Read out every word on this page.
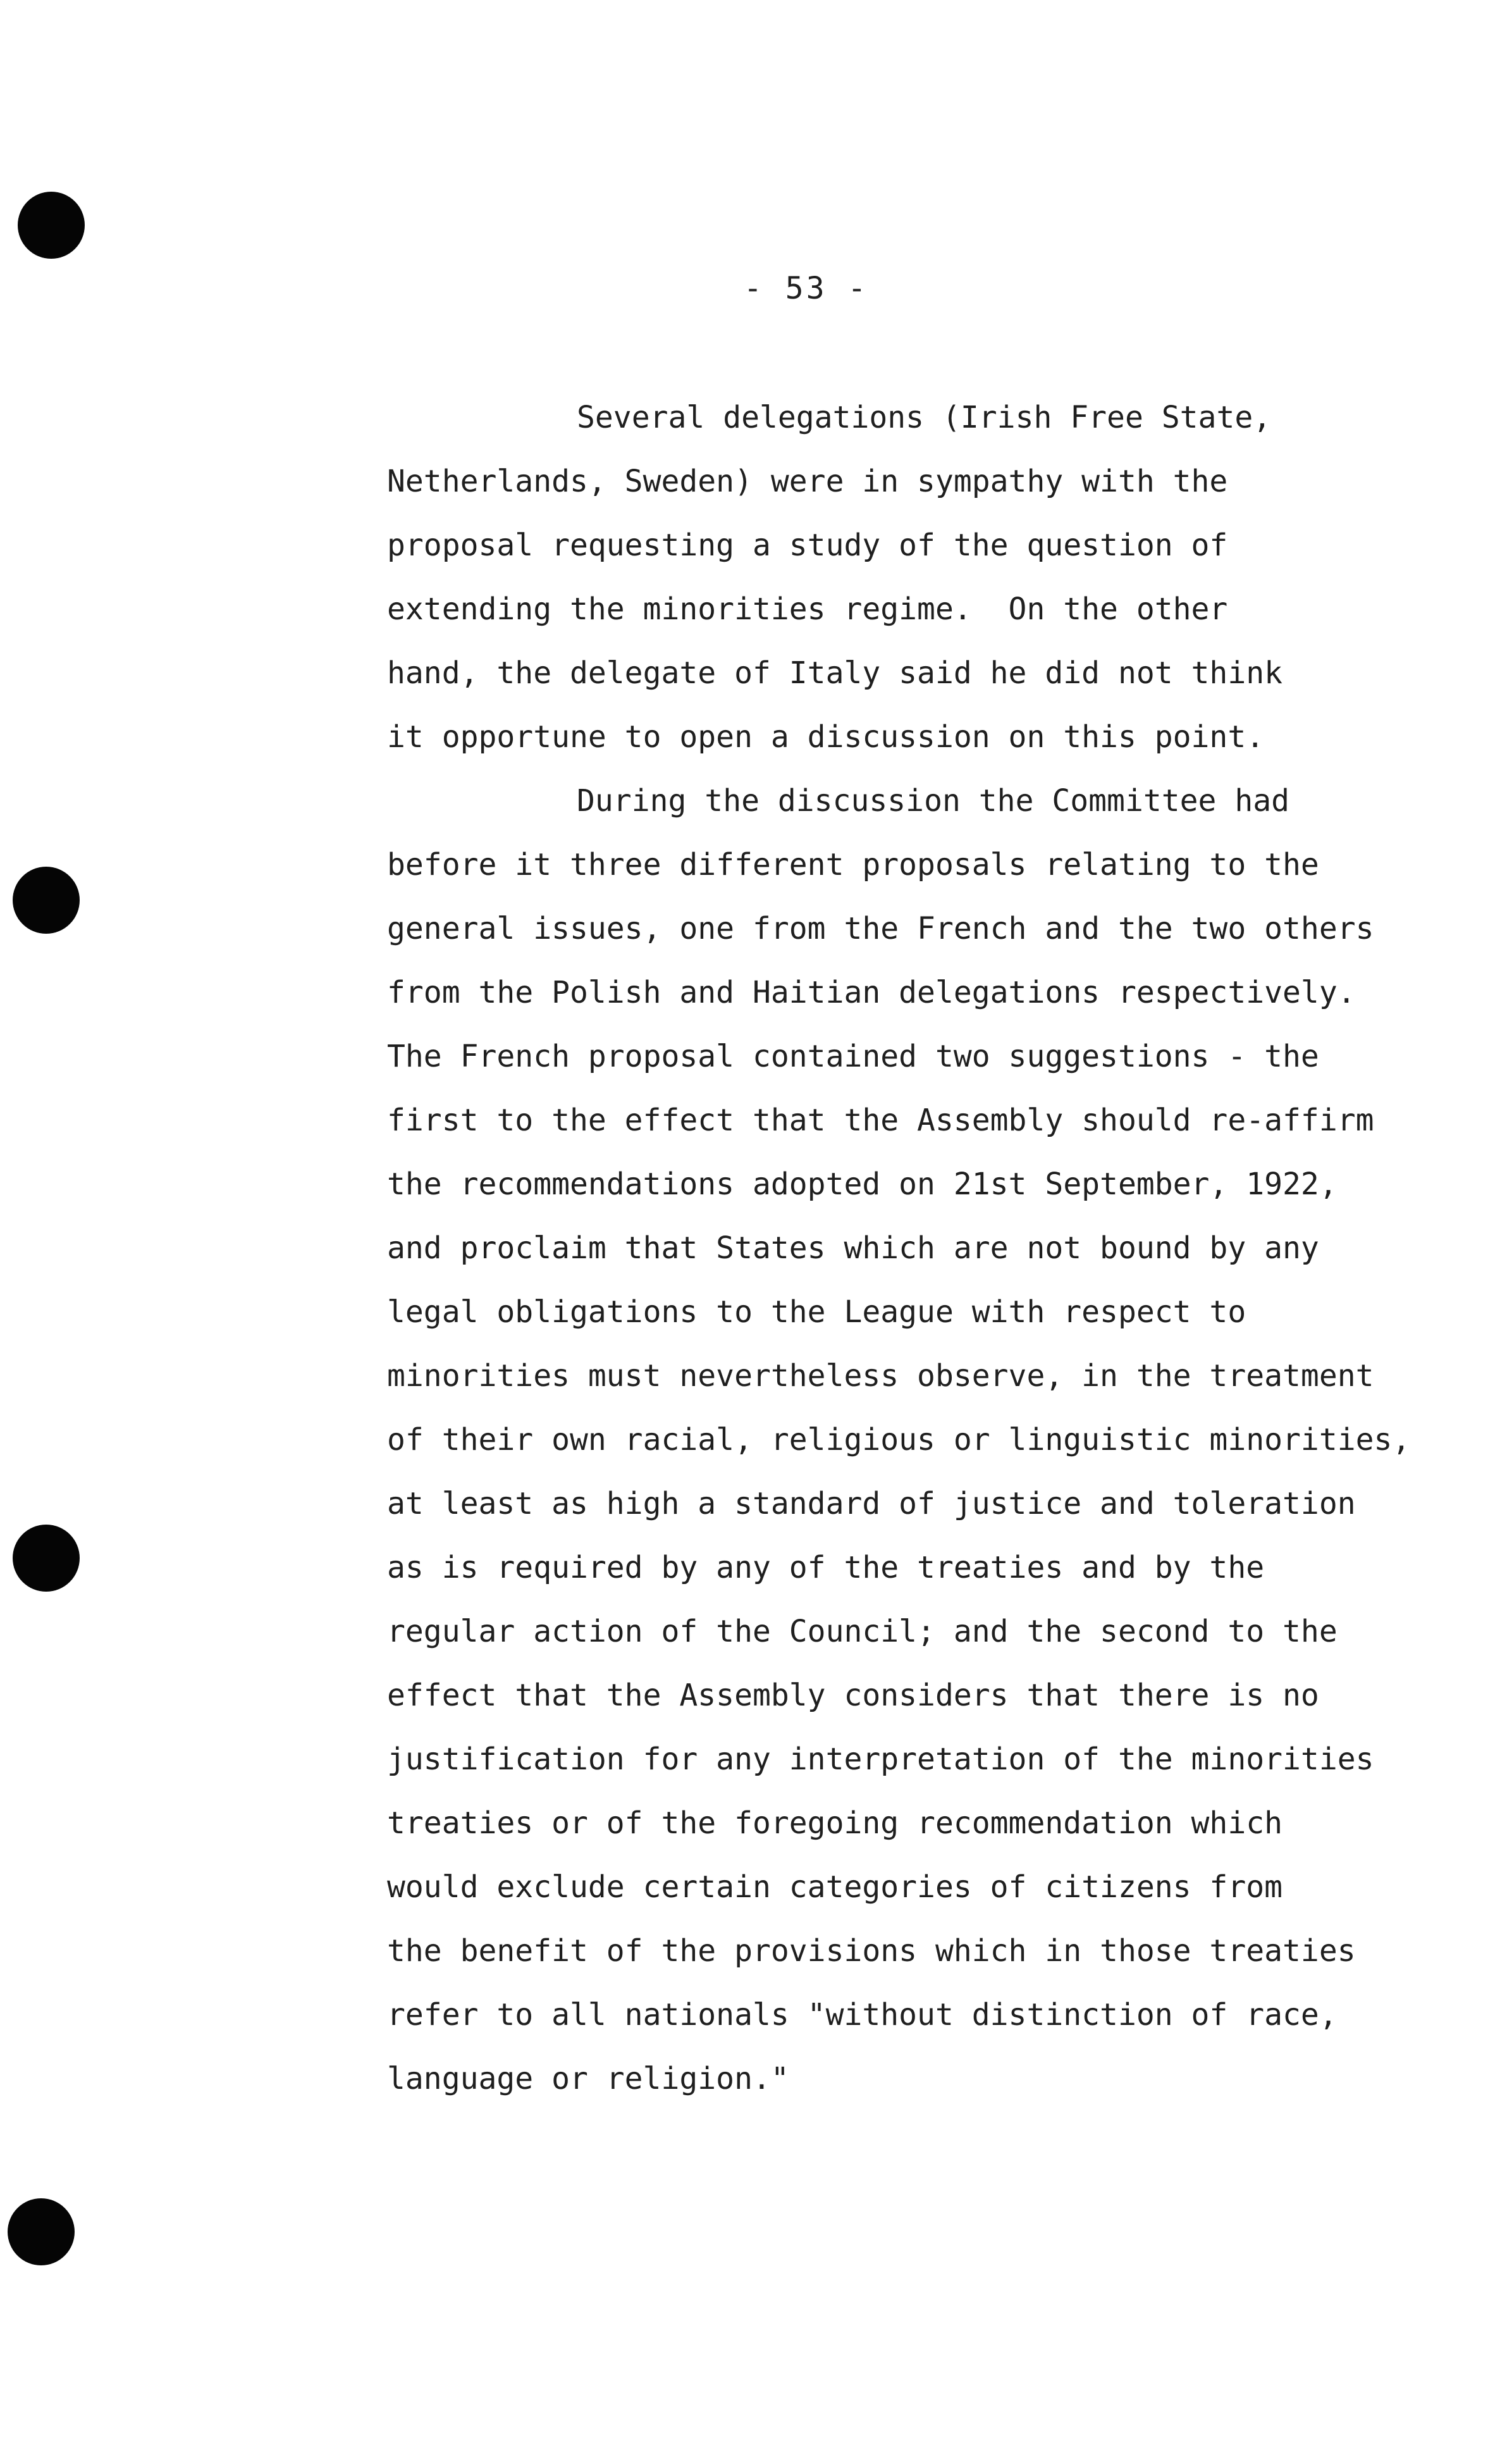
- 53 -
Several delegations (Irish Free State,
Netherlands, Sweden) were in sympathy with the
proposal requesting a study of the question of
extending the minorities regime.  On the other
hand, the delegate of Italy said he did not think
it opportune to open a discussion on this point.
During the discussion the Committee had
before it three different proposals relating to the
general issues, one from the French and the two others
from the Polish and Haitian delegations respectively.
The French proposal contained two suggestions - the
first to the effect that the Assembly should re-affirm
the recommendations adopted on 21st September, 1922,
and proclaim that States which are not bound by any
legal obligations to the League with respect to
minorities must nevertheless observe, in the treatment
of their own racial, religious or linguistic minorities,
at least as high a standard of justice and toleration
as is required by any of the treaties and by the
regular action of the Council; and the second to the
effect that the Assembly considers that there is no
justification for any interpretation of the minorities
treaties or of the foregoing recommendation which
would exclude certain categories of citizens from
the benefit of the provisions which in those treaties
refer to all nationals "without distinction of race,
language or religion."
